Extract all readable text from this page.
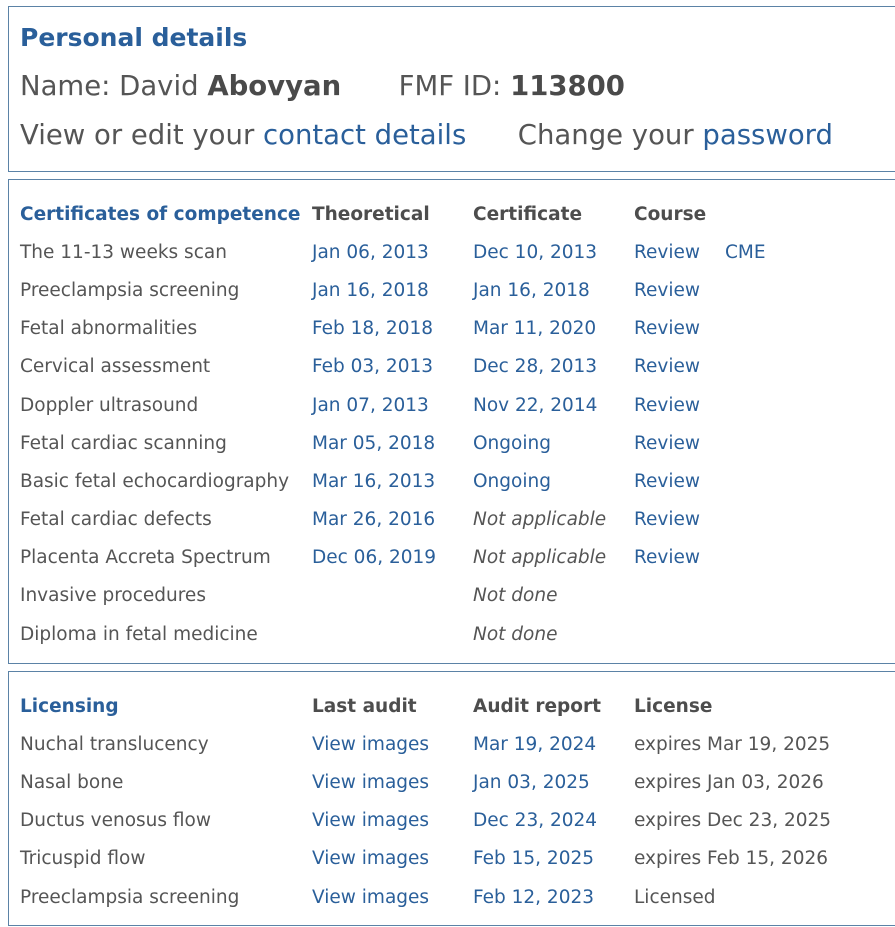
Personal details
Name: David Abovyan FMF ID: 113800
View or edit your contact details Change your password
Certificates of competence	Theoretical	Certificate	Course	
The 11-13 weeks scan	Jan 06, 2013	Dec 10, 2013	Review	CME
Preeclampsia screening	Jan 16, 2018	Jan 16, 2018	Review	
Fetal abnormalities	Feb 18, 2018	Mar 11, 2020	Review	
Cervical assessment	Feb 03, 2013	Dec 28, 2013	Review	
Doppler ultrasound	Jan 07, 2013	Nov 22, 2014	Review	
Fetal cardiac scanning	Mar 05, 2018	Ongoing	Review	
Basic fetal echocardiography	Mar 16, 2013	Ongoing	Review	
Fetal cardiac defects	Mar 26, 2016	Not applicable	Review	
Placenta Accreta Spectrum	Dec 06, 2019	Not applicable	Review	
Invasive procedures		Not done		
Diploma in fetal medicine		Not done		
Licensing	Last audit	Audit report	License
Nuchal translucency	View images	Mar 19, 2024	expires Mar 19, 2025
Nasal bone	View images	Jan 03, 2025	expires Jan 03, 2026
Ductus venosus flow	View images	Dec 23, 2024	expires Dec 23, 2025
Tricuspid flow	View images	Feb 15, 2025	expires Feb 15, 2026
Preeclampsia screening	View images	Feb 12, 2023	Licensed
